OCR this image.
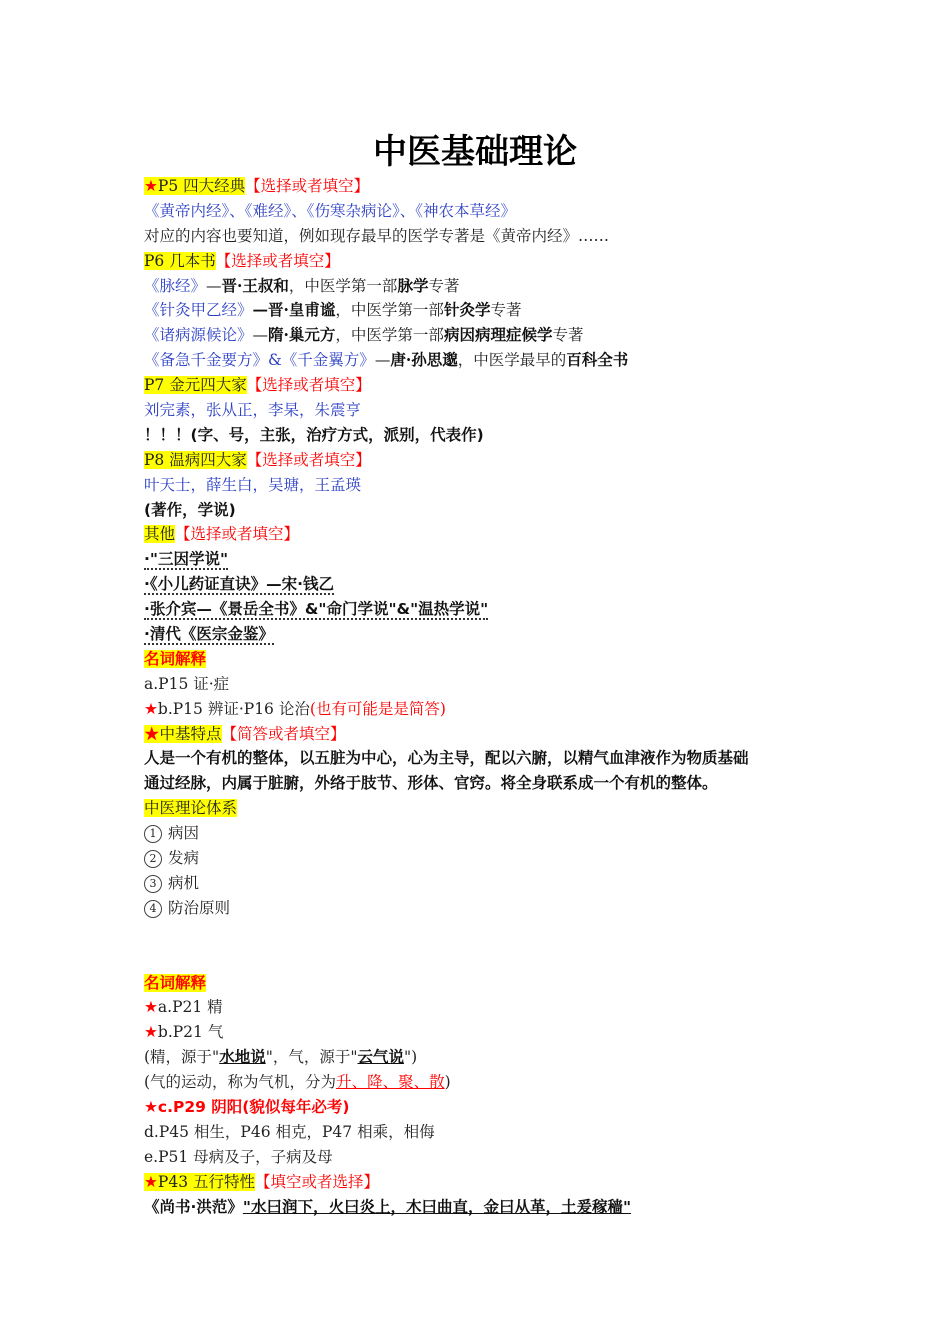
中医基础理论
★P5 四大经典【选择或者填空】
《黄帝内经》、《难经》、《伤寒杂病论》、《神农本草经》
对应的内容也要知道，例如现存最早的医学专著是《黄帝内经》……
P6 几本书【选择或者填空】
《脉经》—晋·王叔和，中医学第一部脉学专著
《针灸甲乙经》—晋·皇甫谧，中医学第一部针灸学专著
《诸病源候论》—隋·巢元方，中医学第一部病因病理症候学专著
《备急千金要方》&《千金翼方》—唐·孙思邈，中医学最早的百科全书
P7 金元四大家【选择或者填空】
刘完素，张从正，李杲，朱震亨
！！！(字、号，主张，治疗方式，派别，代表作)
P8 温病四大家【选择或者填空】
叶天士，薛生白，吴瑭，王孟瑛
(著作，学说)
其他【选择或者填空】
·"三因学说"
·《小儿药证直诀》—宋·钱乙
·张介宾—《景岳全书》&"命门学说"&"温热学说"
·清代《医宗金鉴》
名词解释
a.P15 证·症
★b.P15 辨证·P16 论治(也有可能是是简答)
★中基特点【简答或者填空】
人是一个有机的整体，以五脏为中心，心为主导，配以六腑，以精气血津液作为物质基础
通过经脉，内属于脏腑，外络于肢节、形体、官窍。将全身联系成一个有机的整体。
中医理论体系
1 病因
2 发病
3 病机
4 防治原则
名词解释
★a.P21 精
★b.P21 气
(精，源于"水地说"，气，源于"云气说")
(气的运动，称为气机，分为升、降、聚、散)
★c.P29 阴阳(貌似每年必考)
d.P45 相生，P46 相克，P47 相乘，相侮
e.P51 母病及子，子病及母
★P43 五行特性【填空或者选择】
《尚书·洪范》"水曰润下，火曰炎上，木曰曲直，金曰从革，土爰稼穑"
